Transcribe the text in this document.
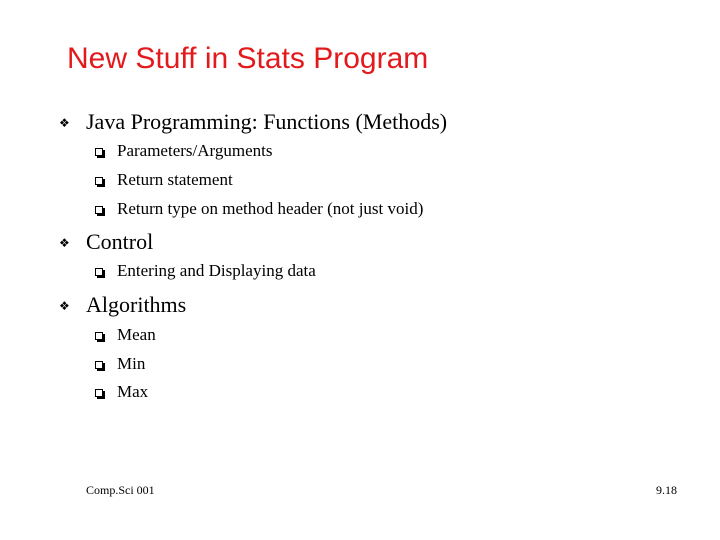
New Stuff in Stats Program
❖ Java Programming: Functions (Methods)
Parameters/Arguments
Return statement
Return type on method header (not just void)
❖ Control
Entering and Displaying data
❖ Algorithms
Mean
Min
Max
Comp.Sci 001	9.18
